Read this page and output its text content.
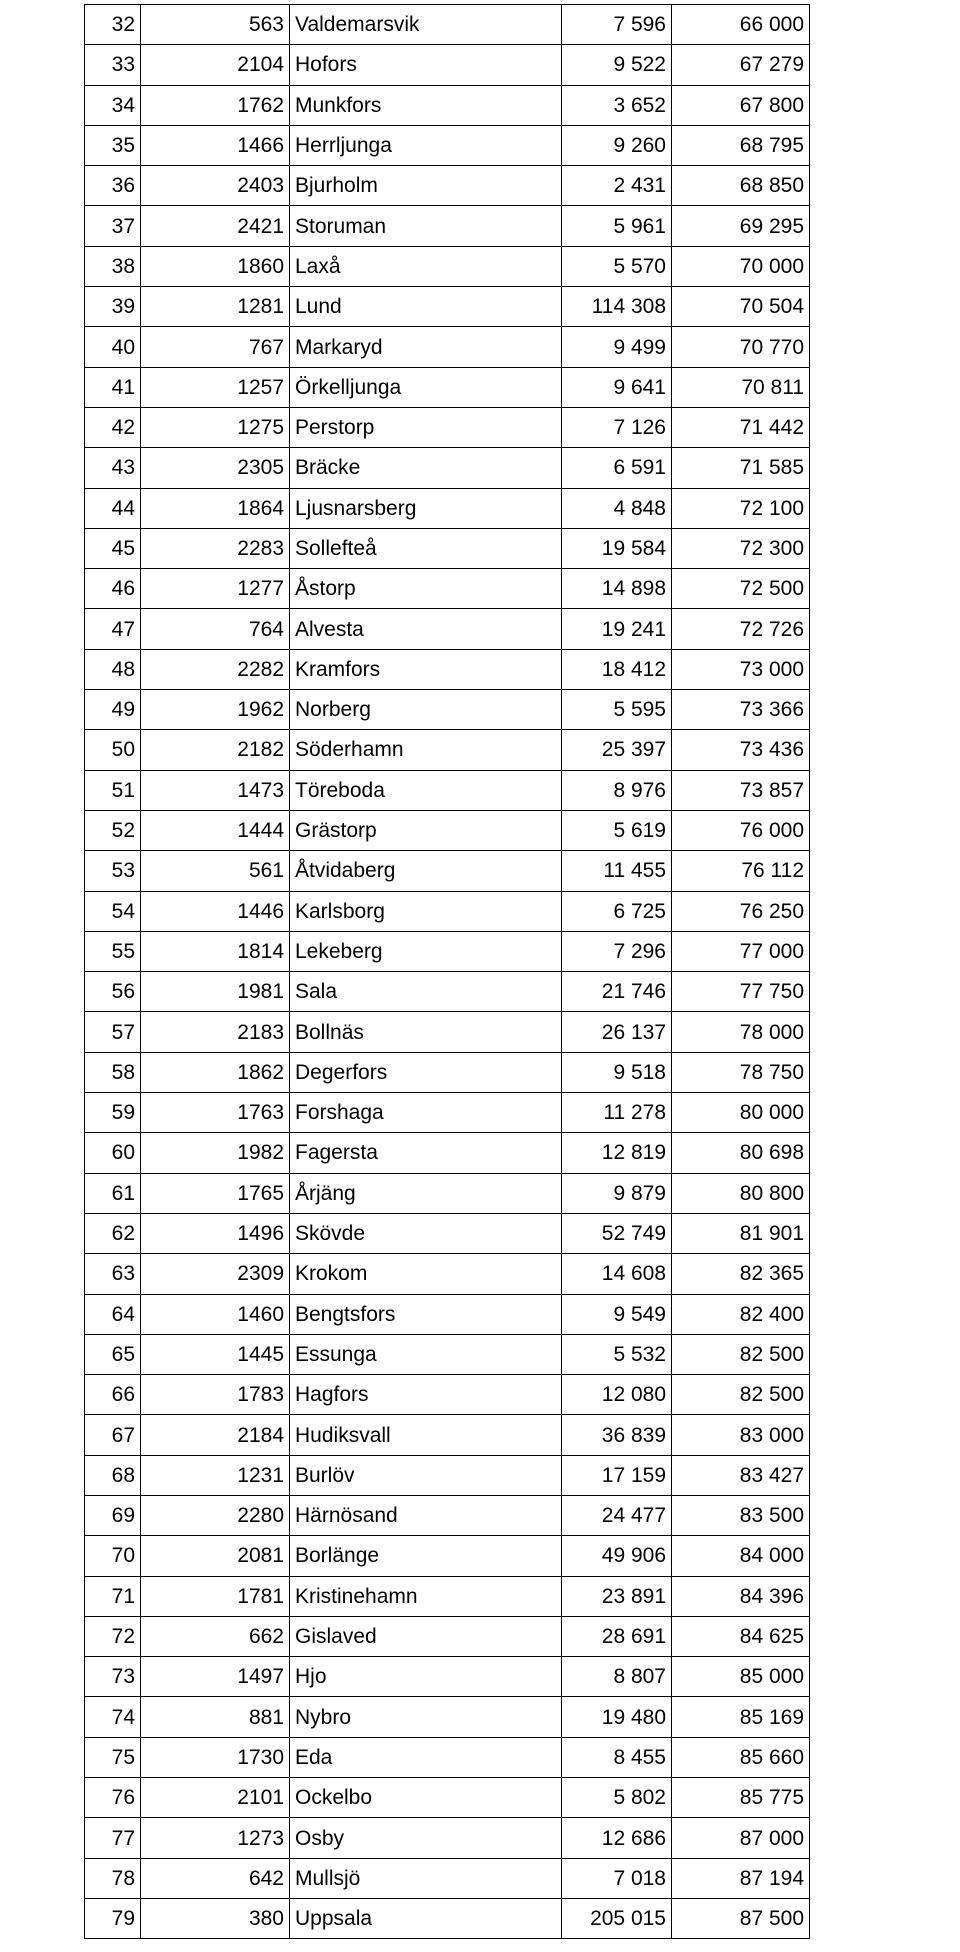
32	563	Valdemarsvik	7 596	66 000
33	2104	Hofors	9 522	67 279
34	1762	Munkfors	3 652	67 800
35	1466	Herrljunga	9 260	68 795
36	2403	Bjurholm	2 431	68 850
37	2421	Storuman	5 961	69 295
38	1860	Laxå	5 570	70 000
39	1281	Lund	114 308	70 504
40	767	Markaryd	9 499	70 770
41	1257	Örkelljunga	9 641	70 811
42	1275	Perstorp	7 126	71 442
43	2305	Bräcke	6 591	71 585
44	1864	Ljusnarsberg	4 848	72 100
45	2283	Sollefteå	19 584	72 300
46	1277	Åstorp	14 898	72 500
47	764	Alvesta	19 241	72 726
48	2282	Kramfors	18 412	73 000
49	1962	Norberg	5 595	73 366
50	2182	Söderhamn	25 397	73 436
51	1473	Töreboda	8 976	73 857
52	1444	Grästorp	5 619	76 000
53	561	Åtvidaberg	11 455	76 112
54	1446	Karlsborg	6 725	76 250
55	1814	Lekeberg	7 296	77 000
56	1981	Sala	21 746	77 750
57	2183	Bollnäs	26 137	78 000
58	1862	Degerfors	9 518	78 750
59	1763	Forshaga	11 278	80 000
60	1982	Fagersta	12 819	80 698
61	1765	Årjäng	9 879	80 800
62	1496	Skövde	52 749	81 901
63	2309	Krokom	14 608	82 365
64	1460	Bengtsfors	9 549	82 400
65	1445	Essunga	5 532	82 500
66	1783	Hagfors	12 080	82 500
67	2184	Hudiksvall	36 839	83 000
68	1231	Burlöv	17 159	83 427
69	2280	Härnösand	24 477	83 500
70	2081	Borlänge	49 906	84 000
71	1781	Kristinehamn	23 891	84 396
72	662	Gislaved	28 691	84 625
73	1497	Hjo	8 807	85 000
74	881	Nybro	19 480	85 169
75	1730	Eda	8 455	85 660
76	2101	Ockelbo	5 802	85 775
77	1273	Osby	12 686	87 000
78	642	Mullsjö	7 018	87 194
79	380	Uppsala	205 015	87 500
